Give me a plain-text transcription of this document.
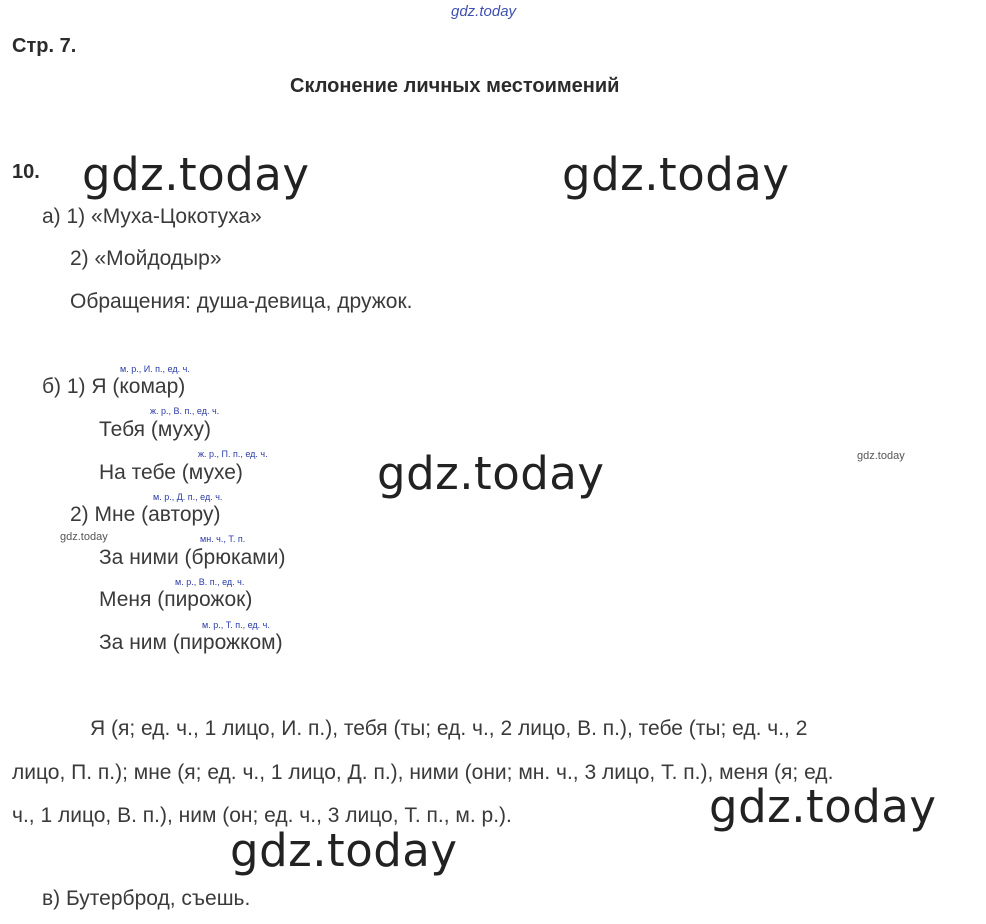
gdz.today
Стр. 7.
Склонение личных местоимений
10. gdz.today	gdz.today
gdz.today
gdz.today
gdz.today
gdz.today
gdz.today
а) 1) «Муха-Цокотуха»
2) «Мойдодыр»
Обращения: душа-девица, дружок.
м. р., И. п., ед. ч.
ж. р., В. п., ед. ч.
ж. р., П. п., ед. ч.
м. р., Д. п., ед. ч.
мн. ч., Т. п.
м. р., В. п., ед. ч.
м. р., Т. п., ед. ч.
б) 1) Я (комар)
Тебя (муху)
На тебе (мухе)
2) Мне (автору)
За ними (брюками)
Меня (пирожок)
За ним (пирожком)
Я (я; ед. ч., 1 лицо, И. п.), тебя (ты; ед. ч., 2 лицо, В. п.), тебе (ты; ед. ч., 2
лицо, П. п.); мне (я; ед. ч., 1 лицо, Д. п.), ними (они; мн. ч., 3 лицо, Т. п.), меня (я; ед.
ч., 1 лицо, В. п.), ним (он; ед. ч., 3 лицо, Т. п., м. р.).
в) Бутерброд, съешь.
